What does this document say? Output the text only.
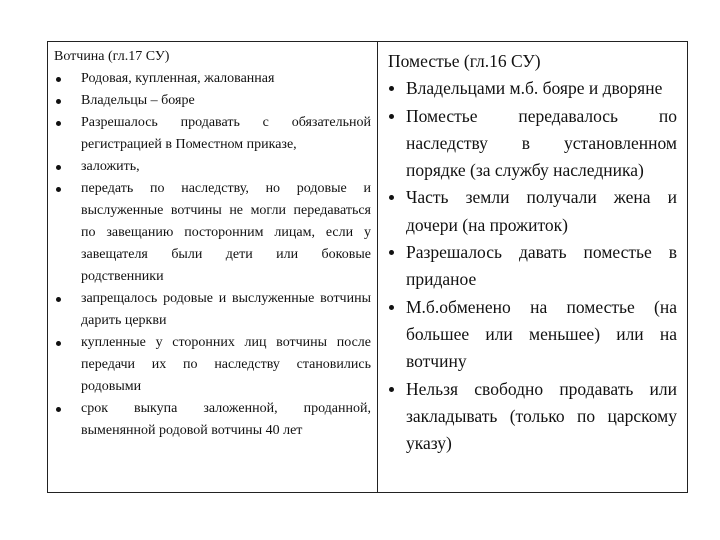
Вотчина (гл.17 СУ)

Родовая, купленная, жалованная
Владельцы – бояре
Разрешалось продавать с обязательной регистрацией в Поместном приказе,
заложить,
передать по наследству, но родовые и выслуженные вотчины не могли передаваться по завещанию посторонним лицам, если у завещателя были дети или боковые родственники
запрещалось родовые и выслуженные вотчины дарить церкви
купленные у сторонних лиц вотчины после передачи их по наследству становились родовыми
срок выкупа заложенной, проданной, выменянной родовой вотчины 40 лет

Поместье (гл.16 СУ)

Владельцами м.б. бояре и дворяне
Поместье передавалось по наследству в установленном порядке (за службу наследника)
Часть земли получали жена и дочери (на прожиток)
Разрешалось давать поместье в приданое
М.б.обменено на поместье (на большее или меньшее) или на вотчину
Нельзя свободно продавать или закладывать (только по царскому указу)
